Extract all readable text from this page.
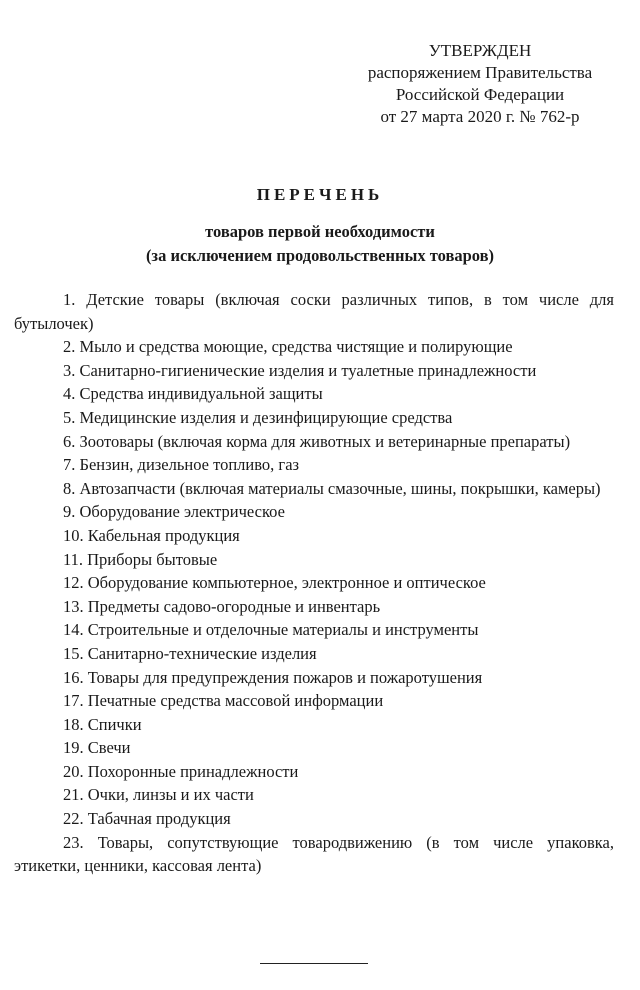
УТВЕРЖДЕН
распоряжением Правительства
Российской Федерации
от 27 марта 2020 г. № 762-р
ПЕРЕЧЕНЬ
товаров первой необходимости
(за исключением продовольственных товаров)
1. Детские товары (включая соски различных типов, в том числе для бутылочек)
2. Мыло и средства моющие, средства чистящие и полирующие
3. Санитарно-гигиенические изделия и туалетные принадлежности
4. Средства индивидуальной защиты
5. Медицинские изделия и дезинфицирующие средства
6. Зоотовары (включая корма для животных и ветеринарные препараты)
7. Бензин, дизельное топливо, газ
8. Автозапчасти (включая материалы смазочные, шины, покрышки, камеры)
9. Оборудование электрическое
10. Кабельная продукция
11. Приборы бытовые
12. Оборудование компьютерное, электронное и оптическое
13. Предметы садово-огородные и инвентарь
14. Строительные и отделочные материалы и инструменты
15. Санитарно-технические изделия
16. Товары для предупреждения пожаров и пожаротушения
17. Печатные средства массовой информации
18. Спички
19. Свечи
20. Похоронные принадлежности
21. Очки, линзы и их части
22. Табачная продукция
23. Товары, сопутствующие товародвижению (в том числе упаковка, этикетки, ценники, кассовая лента)
